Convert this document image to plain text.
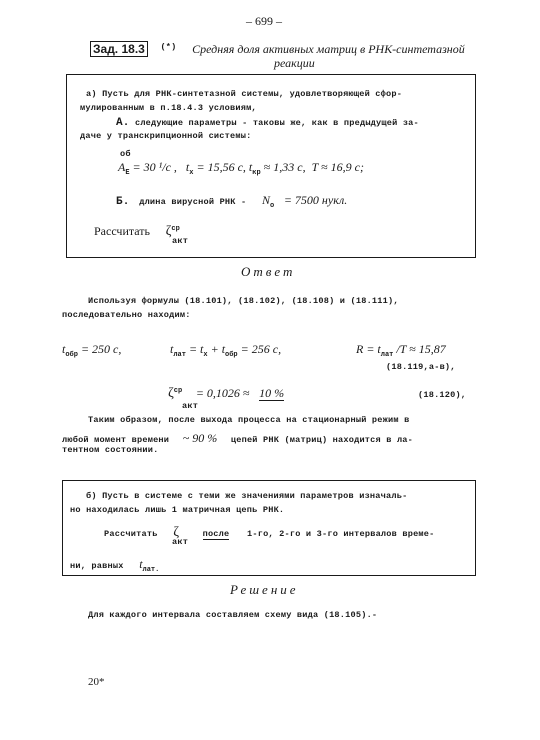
– 699 –
Зад. 18.3 (*) Средняя доля активных матриц в РНК-синтетазной
реакции
а) Пусть для РНК-синтетазной системы, удовлетворяющей сфор-
мулированным в п.18.4.3 условиям,
А. следующие параметры - таковы же, как в предыдущей за-
даче у транскрипционной системы:
об
$A_E = 30$ ¹/с , $t_x = 15,56$ с, $t_{кр} \approx 1,33$ с, T ≈ 16,9 с;
Б. длина вирусной РНК - $N_o = 7500$ нукл.
Рассчитать $\zeta^{ср}$
акт
Ответ
Используя формулы (18.101), (18.102), (18.108) и (18.111),
последовательно находим:
$t_{обр} = 250$ с,	$t_{лат} = t_x + t_{обр} = 256$ с,	$R = t_{лат}$ /T ≈ 15,87
(18.119,а-в),
$\zeta^{ср} = 0,1026 \approx 10$ %
акт
(18.120),
Таким образом, после выхода процесса на стационарный режим в
любой момент времени ~ 90 % цепей РНК (матриц) находится в ла-
тентном состоянии.
б) Пусть в системе с теми же значениями параметров изначаль-
но находилась лишь 1 матричная цепь РНК.
Рассчитать ζ	после 1-го, 2-го и 3-го интервалов време-
акт
ни, равных $t_{лат.}$
Решение
Для каждого интервала составляем схему вида (18.105).-
20*
